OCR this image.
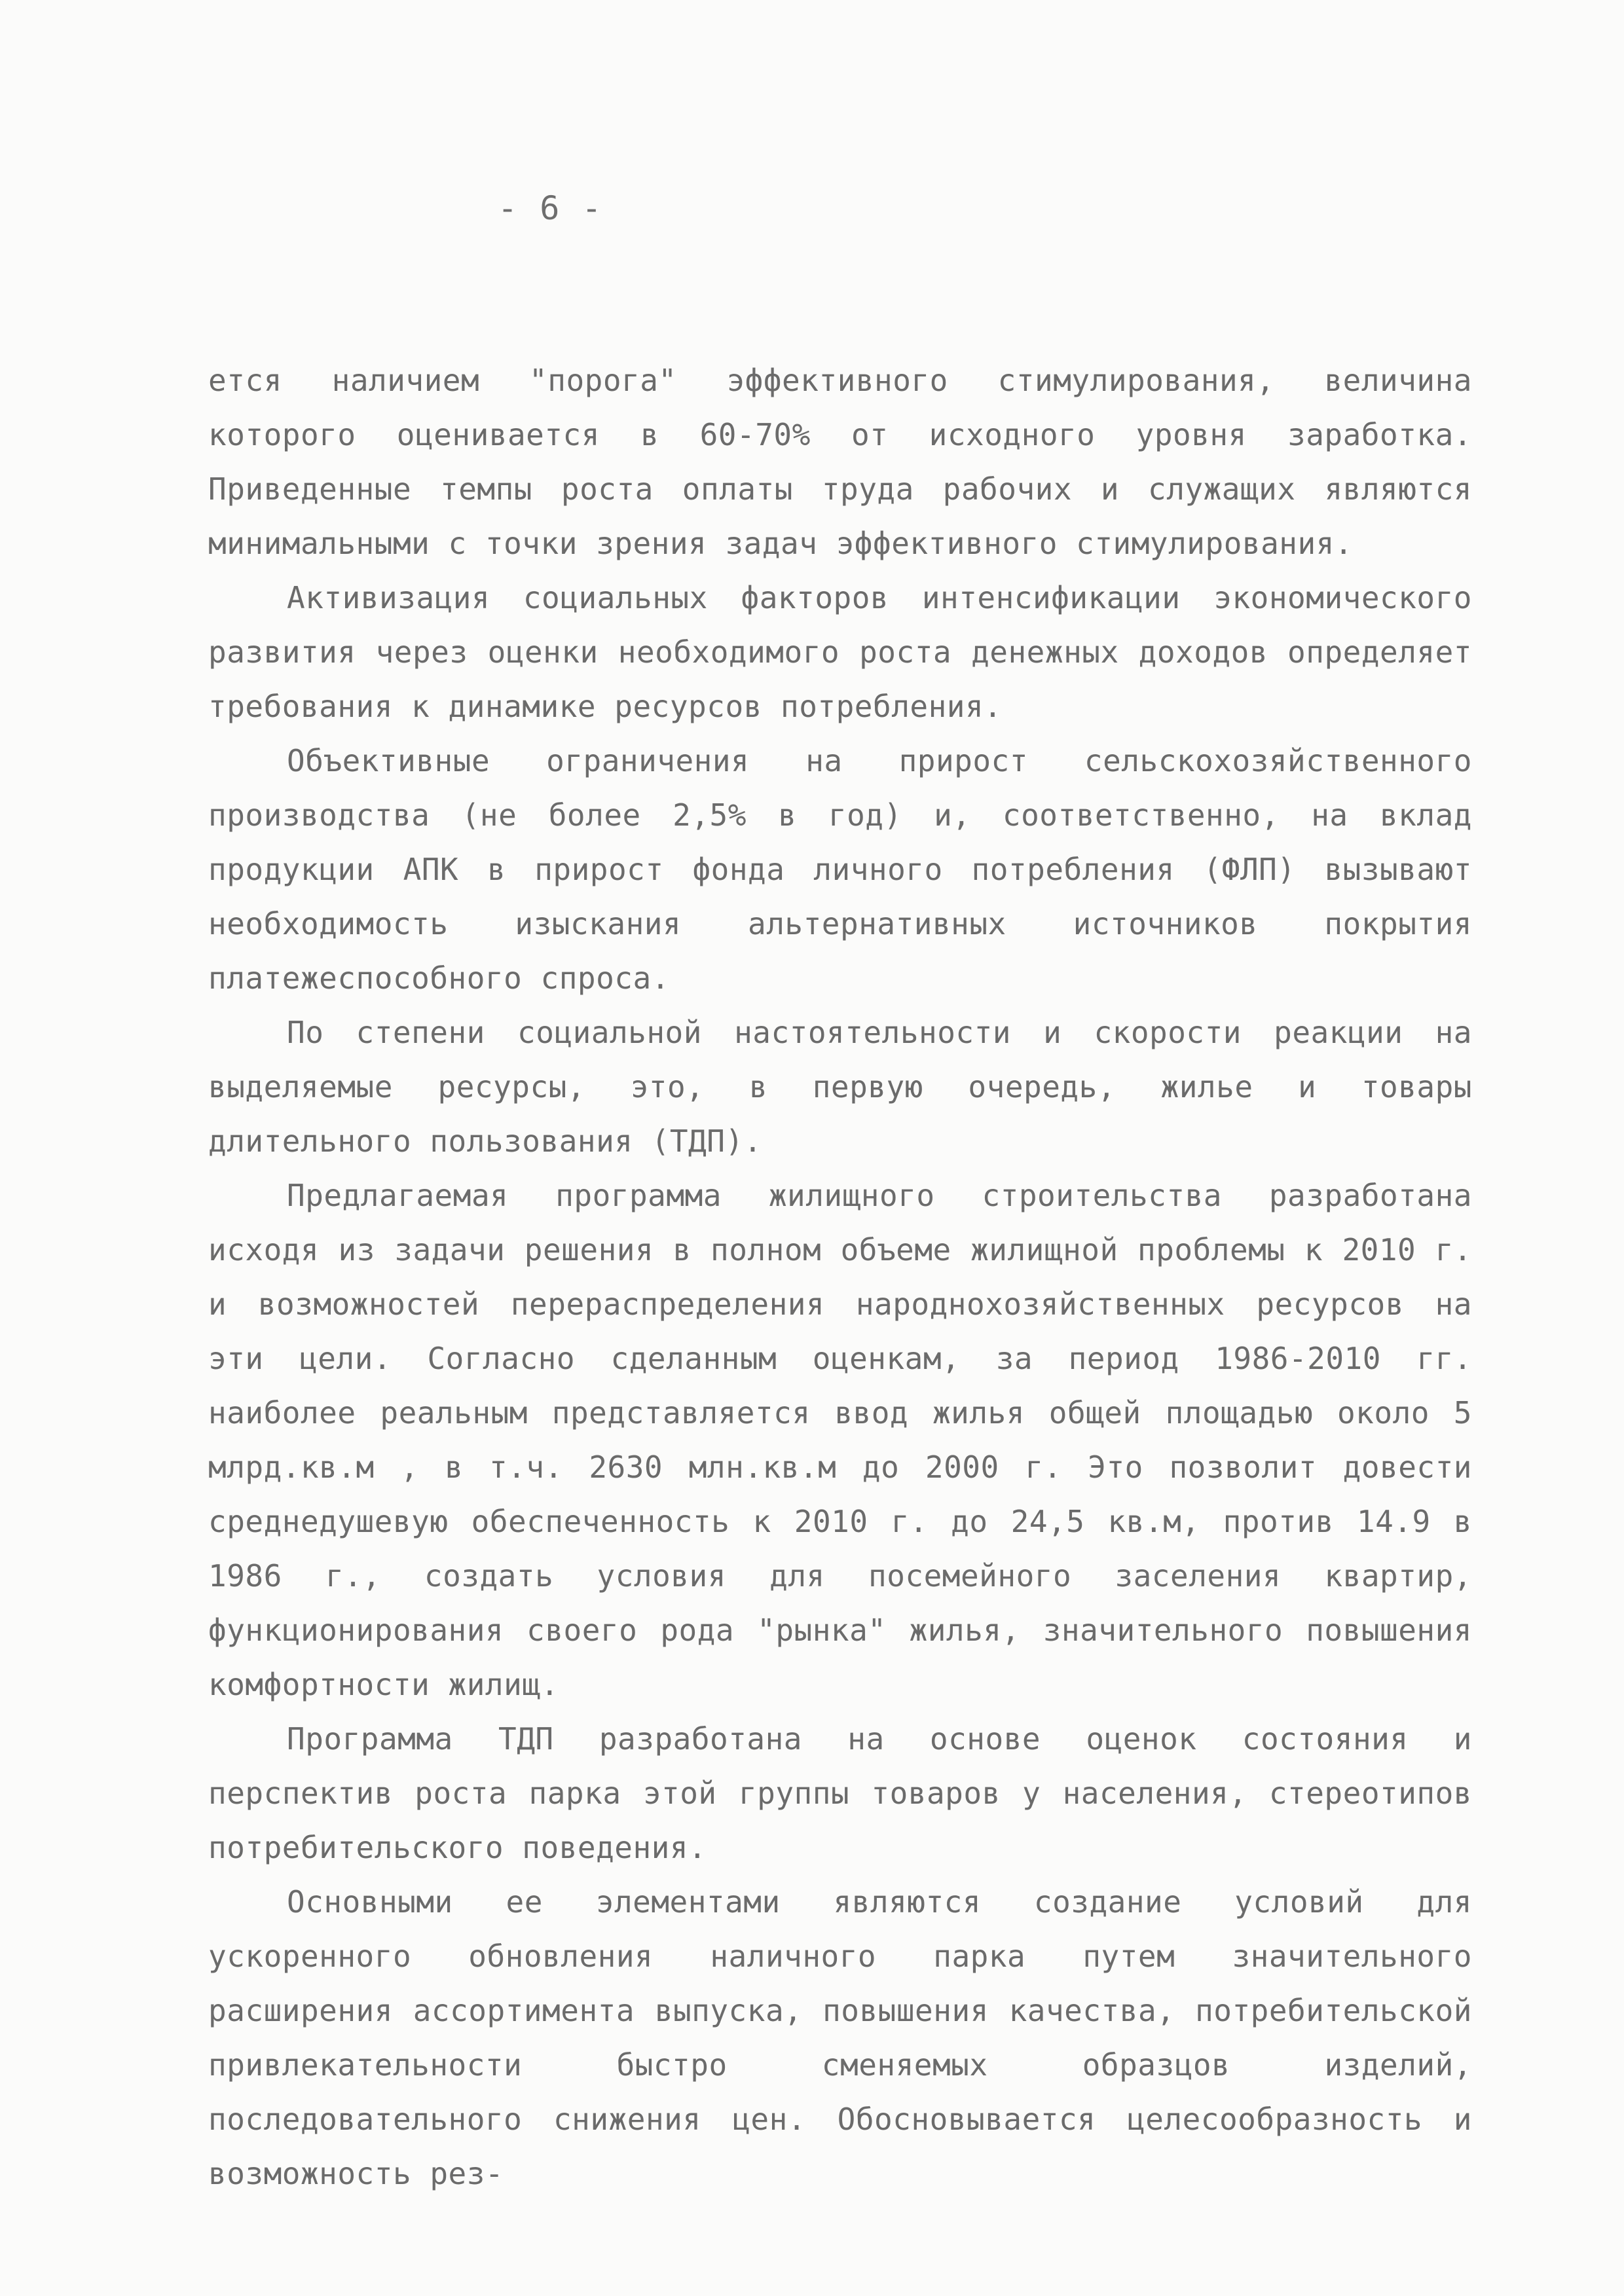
- 6 -

ется наличием "порога" эффективного стимулирования, величина которого оценивается в 60-70% от исходного уровня заработка. Приведенные темпы роста оплаты труда рабочих и служащих являются минимальными с точки зрения задач эффективного стимулирования.

Активизация социальных факторов интенсификации экономического развития через оценки необходимого роста денежных доходов определяет требования к динамике ресурсов потребления.

Объективные ограничения на прирост сельскохозяйственного производства (не более 2,5% в год) и, соответственно, на вклад продукции АПК в прирост фонда личного потребления (ФЛП) вызывают необходимость изыскания альтернативных источников покрытия платежеспособного спроса.

По степени социальной настоятельности и скорости реакции на выделяемые ресурсы, это, в первую очередь, жилье и товары длительного пользования (ТДП).

Предлагаемая программа жилищного строительства разработана исходя из задачи решения в полном объеме жилищной проблемы к 2010 г. и возможностей перераспределения народнохозяйственных ресурсов на эти цели. Согласно сделанным оценкам, за период 1986-2010 гг. наиболее реальным представляется ввод жилья общей площадью около 5 млрд.кв.м , в т.ч. 2630 млн.кв.м до 2000 г. Это позволит довести среднедушевую обеспеченность к 2010 г. до 24,5 кв.м, против 14.9 в 1986 г., создать условия для посемейного заселения квартир, функционирования своего рода "рынка" жилья, значительного повышения комфортности жилищ.

Программа ТДП разработана на основе оценок состояния и перспектив роста парка этой группы товаров у населения, стереотипов потребительского поведения.

Основными ее элементами являются создание условий для ускоренного обновления наличного парка путем значительного расширения ассортимента выпуска, повышения качества, потребительской привлекательности быстро сменяемых образцов изделий, последовательного снижения цен. Обосновывается целесообразность и возможность рез-
